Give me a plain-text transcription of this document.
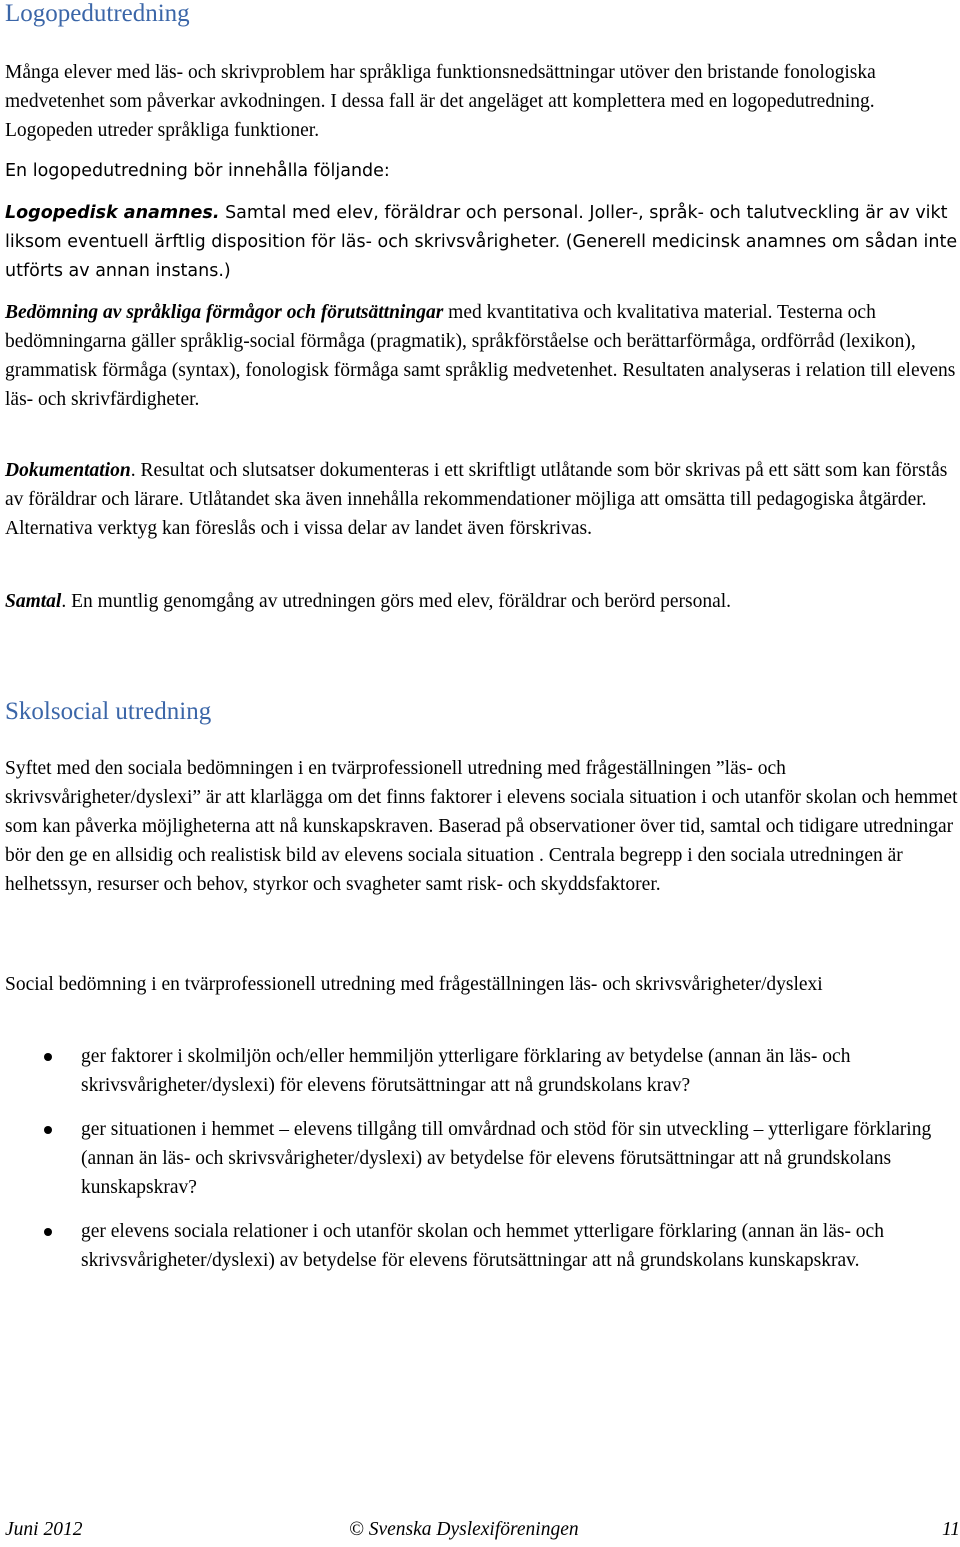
Logopedutredning

Många elever med läs- och skrivproblem har språkliga funktionsnedsättningar utöver den bristande fonologiska medvetenhet som påverkar avkodningen. I dessa fall är det angeläget att komplettera med en logopedutredning. Logopeden utreder språkliga funktioner.

En logopedutredning bör innehålla följande:

Logopedisk anamnes. Samtal med elev, föräldrar och personal. Joller-, språk- och talutveckling är av vikt liksom eventuell ärftlig disposition för läs- och skrivsvårigheter. (Generell medicinsk anamnes om sådan inte utförts av annan instans.)

Bedömning av språkliga förmågor och förutsättningar med kvantitativa och kvalitativa material. Testerna och bedömningarna gäller språklig-social förmåga (pragmatik), språkförståelse och berättarförmåga, ordförråd (lexikon), grammatisk förmåga (syntax), fonologisk förmåga samt språklig medvetenhet. Resultaten analyseras i relation till elevens läs- och skrivfärdigheter.

Dokumentation. Resultat och slutsatser dokumenteras i ett skriftligt utlåtande som bör skrivas på ett sätt som kan förstås av föräldrar och lärare. Utlåtandet ska även innehålla rekommendationer möjliga att omsätta till pedagogiska åtgärder. Alternativa verktyg kan föreslås och i vissa delar av landet även förskrivas.

Samtal. En muntlig genomgång av utredningen görs med elev, föräldrar och berörd personal.

Skolsocial utredning

Syftet med den sociala bedömningen i en tvärprofessionell utredning med frågeställningen ”läs- och skrivsvårigheter/dyslexi” är att klarlägga om det finns faktorer i elevens sociala situation i och utanför skolan och hemmet som kan påverka möjligheterna att nå kunskapskraven. Baserad på observationer över tid, samtal och tidigare utredningar bör den ge en allsidig och realistisk bild av elevens sociala situation . Centrala begrepp i den sociala utredningen är helhetssyn, resurser och behov, styrkor och svagheter samt risk- och skyddsfaktorer.

Social bedömning i en tvärprofessionell utredning med frågeställningen läs- och skrivsvårigheter/dyslexi

ger faktorer i skolmiljön och/eller hemmiljön ytterligare förklaring av betydelse (annan än läs- och skrivsvårigheter/dyslexi) för elevens förutsättningar att nå grundskolans krav?
ger situationen i hemmet – elevens tillgång till omvårdnad och stöd för sin utveckling – ytterligare förklaring (annan än läs- och skrivsvårigheter/dyslexi) av betydelse för elevens förutsättningar att nå grundskolans kunskapskrav?
ger elevens sociala relationer i och utanför skolan och hemmet ytterligare förklaring (annan än läs- och skrivsvårigheter/dyslexi) av betydelse för elevens förutsättningar att nå grundskolans kunskapskrav.
Juni 2012	© Svenska Dyslexiföreningen	11
